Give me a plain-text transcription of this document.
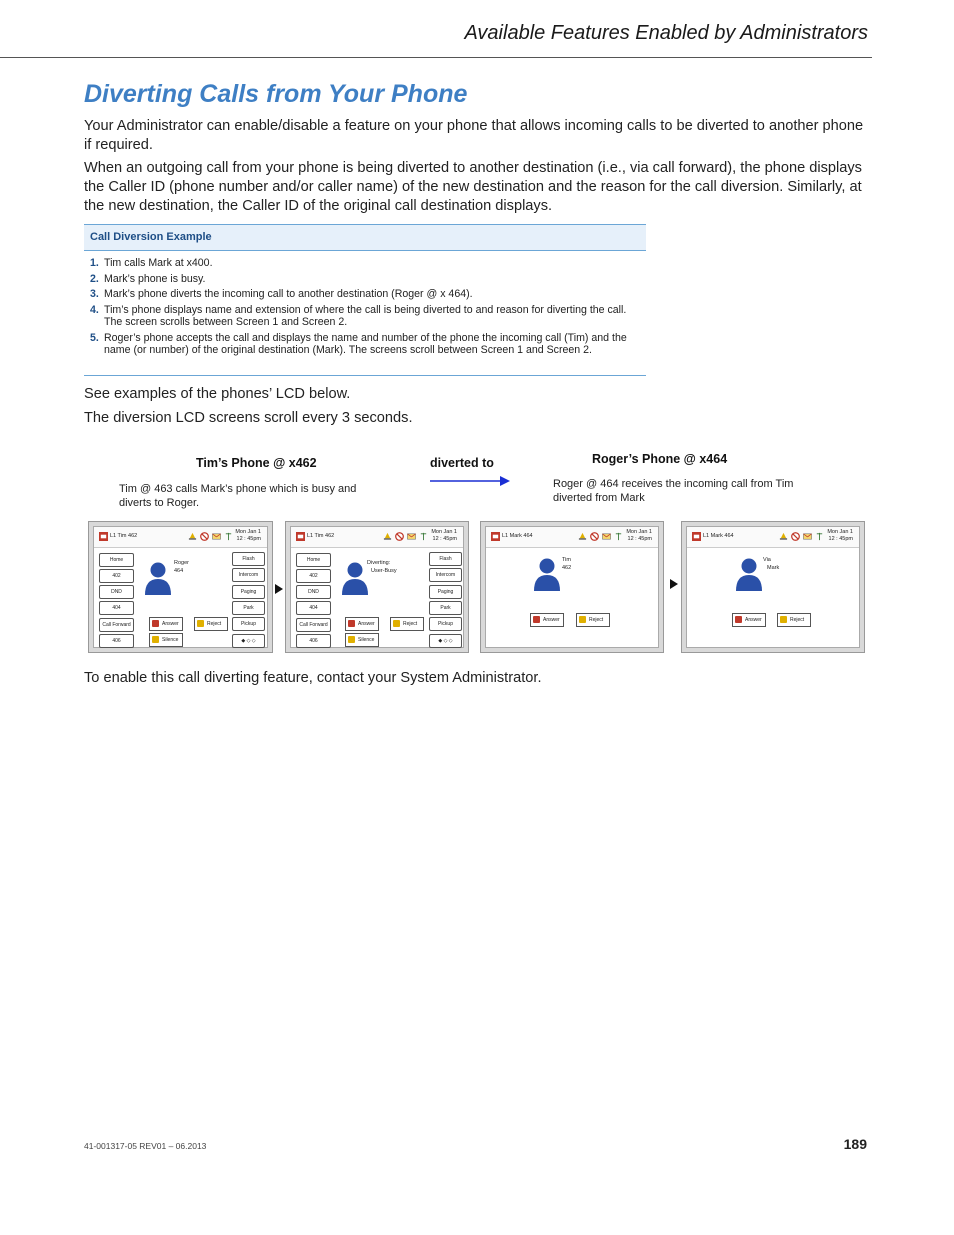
Available Features Enabled by Administrators
Diverting Calls from Your Phone
Your Administrator can enable/disable a feature on your phone that allows incoming calls to be diverted to another phone if required.
When an outgoing call from your phone is being diverted to another destination (i.e., via call forward), the phone displays the Caller ID (phone number and/or caller name) of the new destination and the reason for the call diversion. Similarly, at the new destination, the Caller ID of the original call destination displays.
Call Diversion Example
1. Tim calls Mark at x400.
2. Mark’s phone is busy.
3. Mark’s phone diverts the incoming call to another destination (Roger @ x 464).
4. Tim’s phone displays name and extension of where the call is being diverted to and reason for diverting the call. The screen scrolls between Screen 1 and Screen 2.
5. Roger’s phone accepts the call and displays the name and number of the phone the incoming call (Tim) and the name (or number) of the original destination (Mark). The screens scroll between Screen 1 and Screen 2.
See examples of the phones’ LCD below.
The diversion LCD screens scroll every 3 seconds.
Tim’s Phone @ x462
Tim @ 463 calls Mark’s phone which is busy and diverts to Roger.
diverted to	Roger’s Phone @ x464
Roger @ 464 receives the incoming call from Tim diverted from Mark
L1 Tim 462
Mon Jan 1
12 : 45pm
Home
402
DND
404
Call Forward
406
Flash
Intercom
Paging
Park
Pickup
◆ ◇ ◇
Roger
464
Answer	Reject
Silence
L1 Tim 462
Mon Jan 1
12 : 45pm
Home
402
DND
404
Call Forward
406
Flash
Intercom
Paging
Park
Pickup
◆ ◇ ◇
Diverting:
User-Busy
Answer	Reject
Silence
L1 Mark 464
Mon Jan 1
12 : 45pm
Tim
462
Answer	Reject
L1 Mark 464
Mon Jan 1
12 : 45pm
Via
Mark
Answer	Reject
To enable this call diverting feature, contact your System Administrator.
41-001317-05 REV01 – 06.2013	189
